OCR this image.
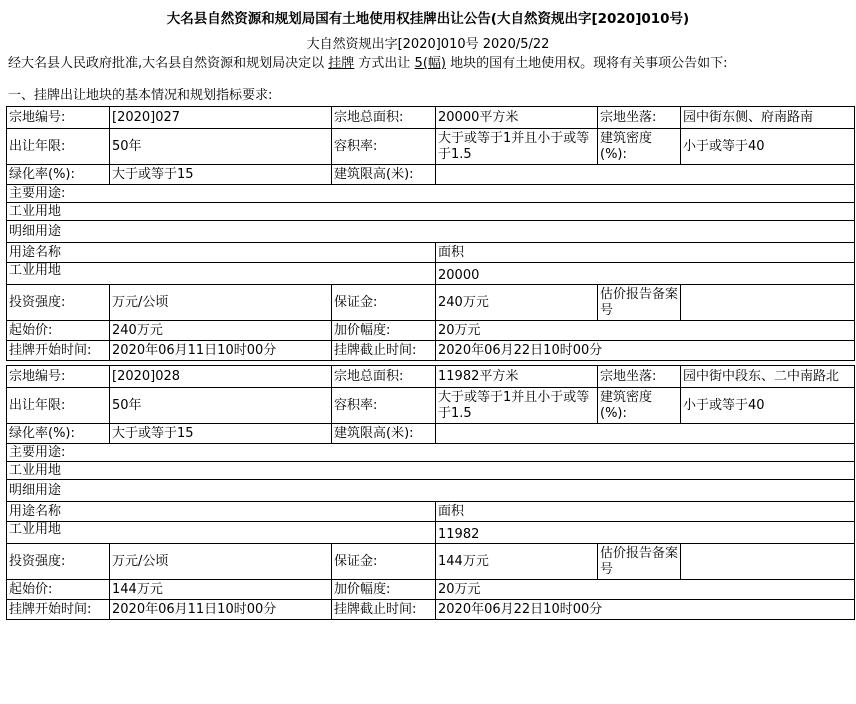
大名县自然资源和规划局国有土地使用权挂牌出让公告(大自然资规出字[2020]010号)
大自然资规出字[2020]010号 2020/5/22
经大名县人民政府批准,大名县自然资源和规划局决定以 挂牌 方式出让 5(幅) 地块的国有土地使用权。现将有关事项公告如下:
一、挂牌出让地块的基本情况和规划指标要求:
宗地编号:	[2020]027	宗地总面积:	20000平方米	宗地坐落:	园中街东侧、府南路南
出让年限:	50年	容积率:	大于或等于1并且小于或等于1.5	建筑密度(%):	小于或等于40
绿化率(%):	大于或等于15	建筑限高(米):			
主要用途:					
工业用地					
明细用途					
用途名称			面积		
工业用地			20000		
投资强度:	万元/公顷	保证金:	240万元	估价报告备案号	
起始价:	240万元	加价幅度:	20万元		
挂牌开始时间:	2020年06月11日10时00分	挂牌截止时间:	2020年06月22日10时00分		
宗地编号:	[2020]028	宗地总面积:	11982平方米	宗地坐落:	园中街中段东、二中南路北
出让年限:	50年	容积率:	大于或等于1并且小于或等于1.5	建筑密度(%):	小于或等于40
绿化率(%):	大于或等于15	建筑限高(米):			
主要用途:					
工业用地					
明细用途					
用途名称			面积		
工业用地			11982		
投资强度:	万元/公顷	保证金:	144万元	估价报告备案号	
起始价:	144万元	加价幅度:	20万元		
挂牌开始时间:	2020年06月11日10时00分	挂牌截止时间:	2020年06月22日10时00分		
